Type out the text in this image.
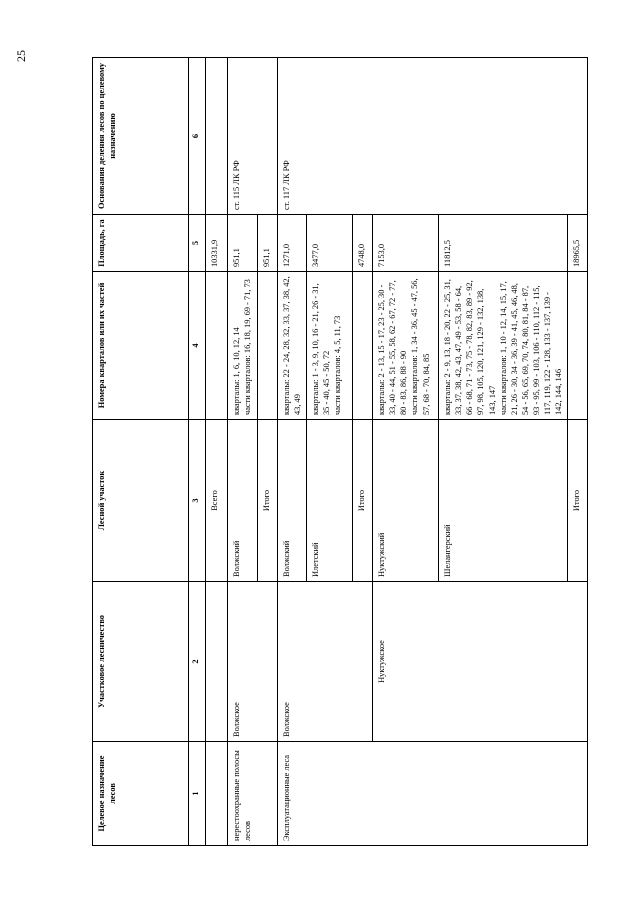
25
Целевое назначение лесов	Участковое лесничество	Лесной участок	Номера кварталов или их частей	Площадь, га	Основания деления лесов по целевому назначению
1	2	3	4	5	6
		Всего		10331,9	
нерестоохранные полосы лесов	Волжское	Волжский	кварталы: 1, 6, 10, 12, 14 части кварталов: 16, 18, 19, 69 - 71, 73	951,1	ст. 115 ЛК РФ
		Итого		951,1	
Эксплуатационные леса	Волжское	Волжский	кварталы: 22 - 24, 28, 32, 33, 37, 38, 42, 43, 49	1271,0	ст. 117 ЛК РФ
		Илетский	кварталы: 1 - 3, 9, 10, 16 - 21, 26 - 31, 35 - 40, 45 - 50, 72 части кварталов: 4, 5, 11, 73	3477,0	
		Итого		4748,0	
	Нуктужское	Нуктужский	кварталы: 2 - 13, 15 - 17, 23 - 25, 30 - 33, 40 - 44, 51 - 55, 58, 62 - 67, 72 - 77, 80 - 83, 86, 88 - 90 части кварталов: 1, 34 - 36, 45 - 47, 56, 57, 68 - 70, 84, 85	7153,0	
		Шелангерский	кварталы: 2 - 9, 13, 18 - 20, 22 - 25, 31, 33, 37, 38, 42, 43, 47, 49 - 53, 58 - 64, 66 - 68, 71 - 73, 75 - 78, 82, 83, 89 - 92, 97, 98, 105, 120, 121, 129 - 132, 138, 143, 147 части кварталов: 1, 10 - 12, 14, 15, 17, 21, 26 - 30, 34 - 36, 39 - 41, 45, 46, 48, 54 - 56, 65, 69, 70, 74, 80, 81, 84 - 87, 93 - 95, 99 - 103, 106 - 110, 112 - 115, 117, 119, 122 - 128, 133 - 137, 139 - 142, 144, 146	11812,5	
		Итого		18965,5	
